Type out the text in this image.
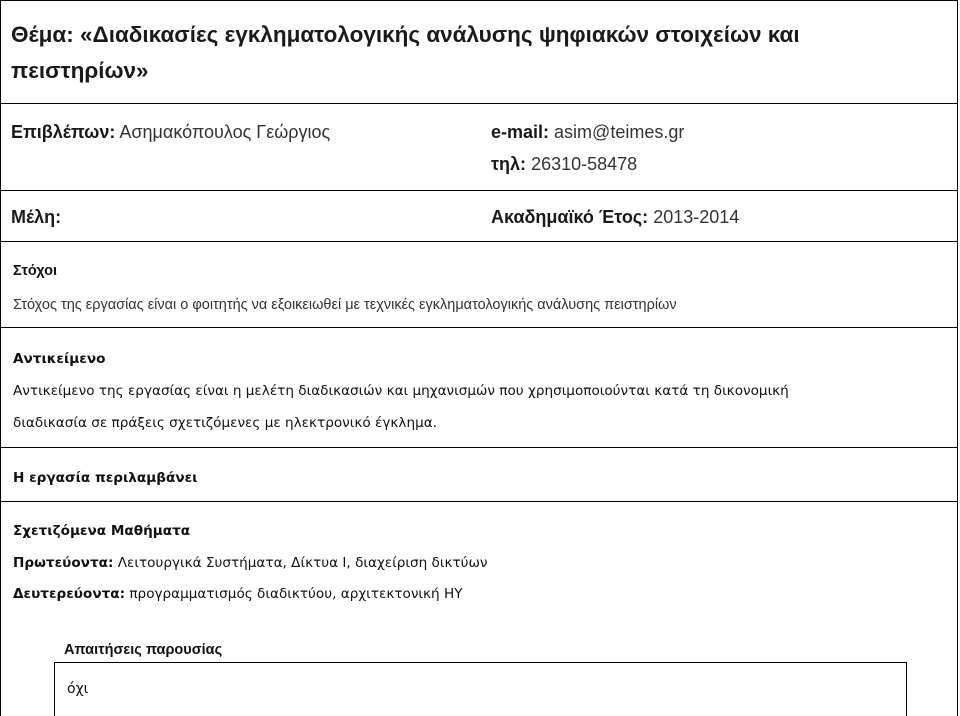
Θέμα: «Διαδικασίες εγκληματολογικής ανάλυσης ψηφιακών στοιχείων και πειστηρίων»
Επιβλέπων: Ασημακόπουλος Γεώργιος	e-mail: asim@teimes.gr
τηλ: 26310-58478
Μέλη:	Ακαδημαϊκό Έτος: 2013-2014
Στόχοι
Στόχος της εργασίας είναι ο φοιτητής να εξοικειωθεί με τεχνικές εγκληματολογικής ανάλυσης πειστηρίων
Αντικείμενο
Αντικείμενο της εργασίας είναι η μελέτη διαδικασιών και μηχανισμών που χρησιμοποιούνται κατά τη δικονομική
διαδικασία σε πράξεις σχετιζόμενες με ηλεκτρονικό έγκλημα.
Η εργασία περιλαμβάνει
Σχετιζόμενα Μαθήματα
Πρωτεύοντα: Λειτουργικά Συστήματα, Δίκτυα Ι, διαχείριση δικτύων
Δευτερεύοντα: προγραμματισμός διαδικτύου, αρχιτεκτονική ΗΥ
Απαιτήσεις παρουσίας
όχι
